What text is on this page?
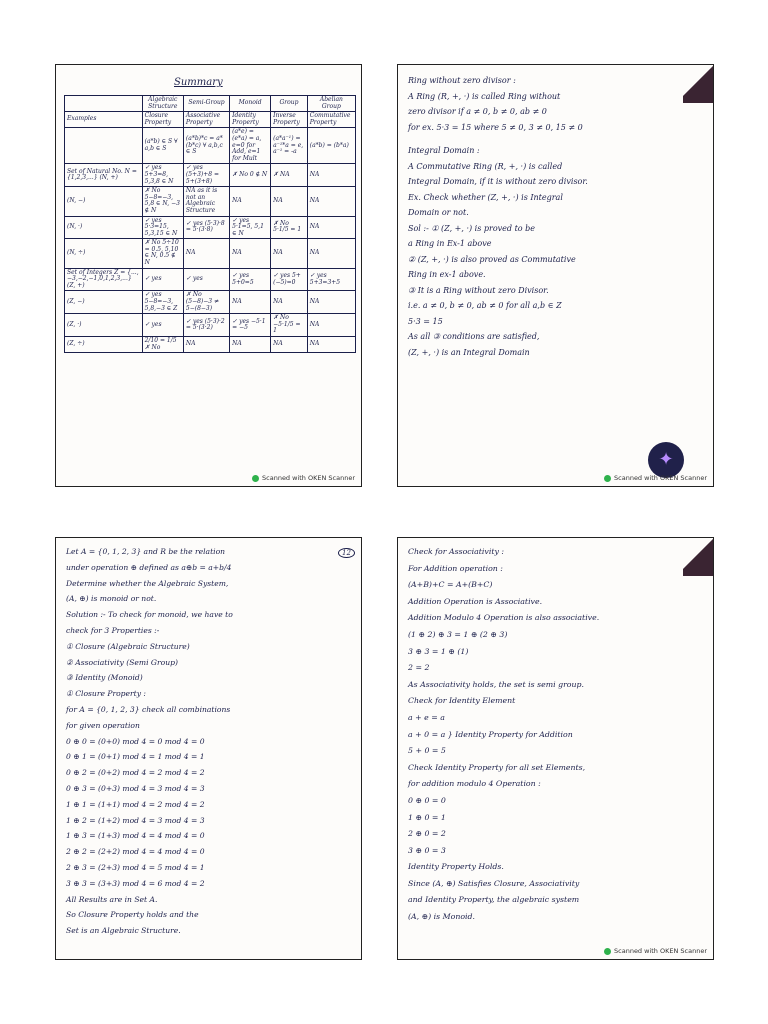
Summary
	Algebraic Structure	Semi-Group	Monoid	Group	Abelian Group
Examples	Closure Property	Associative Property	Identity Property	Inverse Property	Commutative Property
	(a*b) ∈ S ∀ a,b ∈ S	(a*b)*c = a*(b*c) ∀ a,b,c ∈ S	(a*e) = (e*a) = a, e=0 for Add, e=1 for Mult	(a*a⁻¹) = a⁻¹*a = e, a⁻¹ = -a	(a*b) = (b*a)
Set of Natural No. N = {1,2,3,...} (N, +)	✓ yes 5+3=8, 5,3,8 ∈ N	✓ yes (5+3)+8 = 5+(3+8)	✗ No 0 ∉ N	✗ NA	NA
(N, −)	✗ No 5−8=−3, 5,8 ∈ N, −3 ∉ N	NA as it is not an Algebraic Structure	NA	NA	NA
(N, ·)	✓ yes 5·3=15, 5,3,15 ∈ N	✓ yes (5·3)·8 = 5·(3·8)	✓ yes 5·1=5, 5,1 ∈ N	✗ No 5·1/5 = 1	NA
(N, ÷)	✗ No 5÷10 = 0.5, 5,10 ∈ N, 0.5 ∉ N	NA	NA	NA	NA
Set of Integers Z = {...,−3,−2,−1,0,1,2,3,...} (Z, +)	✓ yes	✓ yes	✓ yes 5+0=5	✓ yes 5+(−5)=0	✓ yes 5+3=3+5
(Z, −)	✓ yes 5−8=−3, 5,8,−3 ∈ Z	✗ No (5−8)−3 ≠ 5−(8−3)	NA	NA	NA
(Z, ·)	✓ yes	✓ yes (5·3)·2 = 5·(3·2)	✓ yes −5·1 = −5	✗ No −5·1/5 = 1	NA
(Z, ÷)	2/10 = 1/5 ✗ No	NA	NA	NA	NA
Scanned with OKEN Scanner
Ring without zero divisor :
A Ring (R, +, ·) is called Ring without
zero divisor if a ≠ 0, b ≠ 0, ab ≠ 0
for ex. 5·3 = 15 where 5 ≠ 0, 3 ≠ 0, 15 ≠ 0
Integral Domain :
A Commutative Ring (R, +, ·) is called
Integral Domain, if it is without zero divisor.
Ex. Check whether (Z, +, ·) is Integral
Domain or not.
Sol :- ① (Z, +, ·) is proved to be
a Ring in Ex-1 above
② (Z, +, ·) is also proved as Commutative
Ring in ex-1 above.
③ It is a Ring without zero Divisor.
i.e. a ≠ 0, b ≠ 0, ab ≠ 0 for all a,b ∈ Z
5·3 = 15
As all ③ conditions are satisfied,
(Z, +, ·) is an Integral Domain
✦
Scanned with OKEN Scanner
12
Let A = {0, 1, 2, 3} and R be the relation
under operation ⊕ defined as a⊕b = a+b/4
Determine whether the Algebraic System,
(A, ⊕) is monoid or not.
Solution :- To check for monoid, we have to
check for 3 Properties :-
① Closure (Algebraic Structure)
② Associativity (Semi Group)
③ Identity (Monoid)
① Closure Property :
for A = {0, 1, 2, 3} check all combinations
for given operation
0 ⊕ 0 = (0+0) mod 4 = 0 mod 4 = 0
0 ⊕ 1 = (0+1) mod 4 = 1 mod 4 = 1
0 ⊕ 2 = (0+2) mod 4 = 2 mod 4 = 2
0 ⊕ 3 = (0+3) mod 4 = 3 mod 4 = 3
1 ⊕ 1 = (1+1) mod 4 = 2 mod 4 = 2
1 ⊕ 2 = (1+2) mod 4 = 3 mod 4 = 3
1 ⊕ 3 = (1+3) mod 4 = 4 mod 4 = 0
2 ⊕ 2 = (2+2) mod 4 = 4 mod 4 = 0
2 ⊕ 3 = (2+3) mod 4 = 5 mod 4 = 1
3 ⊕ 3 = (3+3) mod 4 = 6 mod 4 = 2
All Results are in Set A.
So Closure Property holds and the
Set is an Algebraic Structure.
Check for Associativity :
For Addition operation :
(A+B)+C = A+(B+C)
Addition Operation is Associative.
Addition Modulo 4 Operation is also associative.
(1 ⊕ 2) ⊕ 3 = 1 ⊕ (2 ⊕ 3)
3 ⊕ 3 = 1 ⊕ (1)
2 = 2
As Associativity holds, the set is semi group.
Check for Identity Element
a + e = a
a + 0 = a } Identity Property for Addition
5 + 0 = 5
Check Identity Property for all set Elements,
for addition modulo 4 Operation :
0 ⊕ 0 = 0
1 ⊕ 0 = 1
2 ⊕ 0 = 2
3 ⊕ 0 = 3
Identity Property Holds.
Since (A, ⊕) Satisfies Closure, Associativity
and Identity Property, the algebraic system
(A, ⊕) is Monoid.
Scanned with OKEN Scanner
